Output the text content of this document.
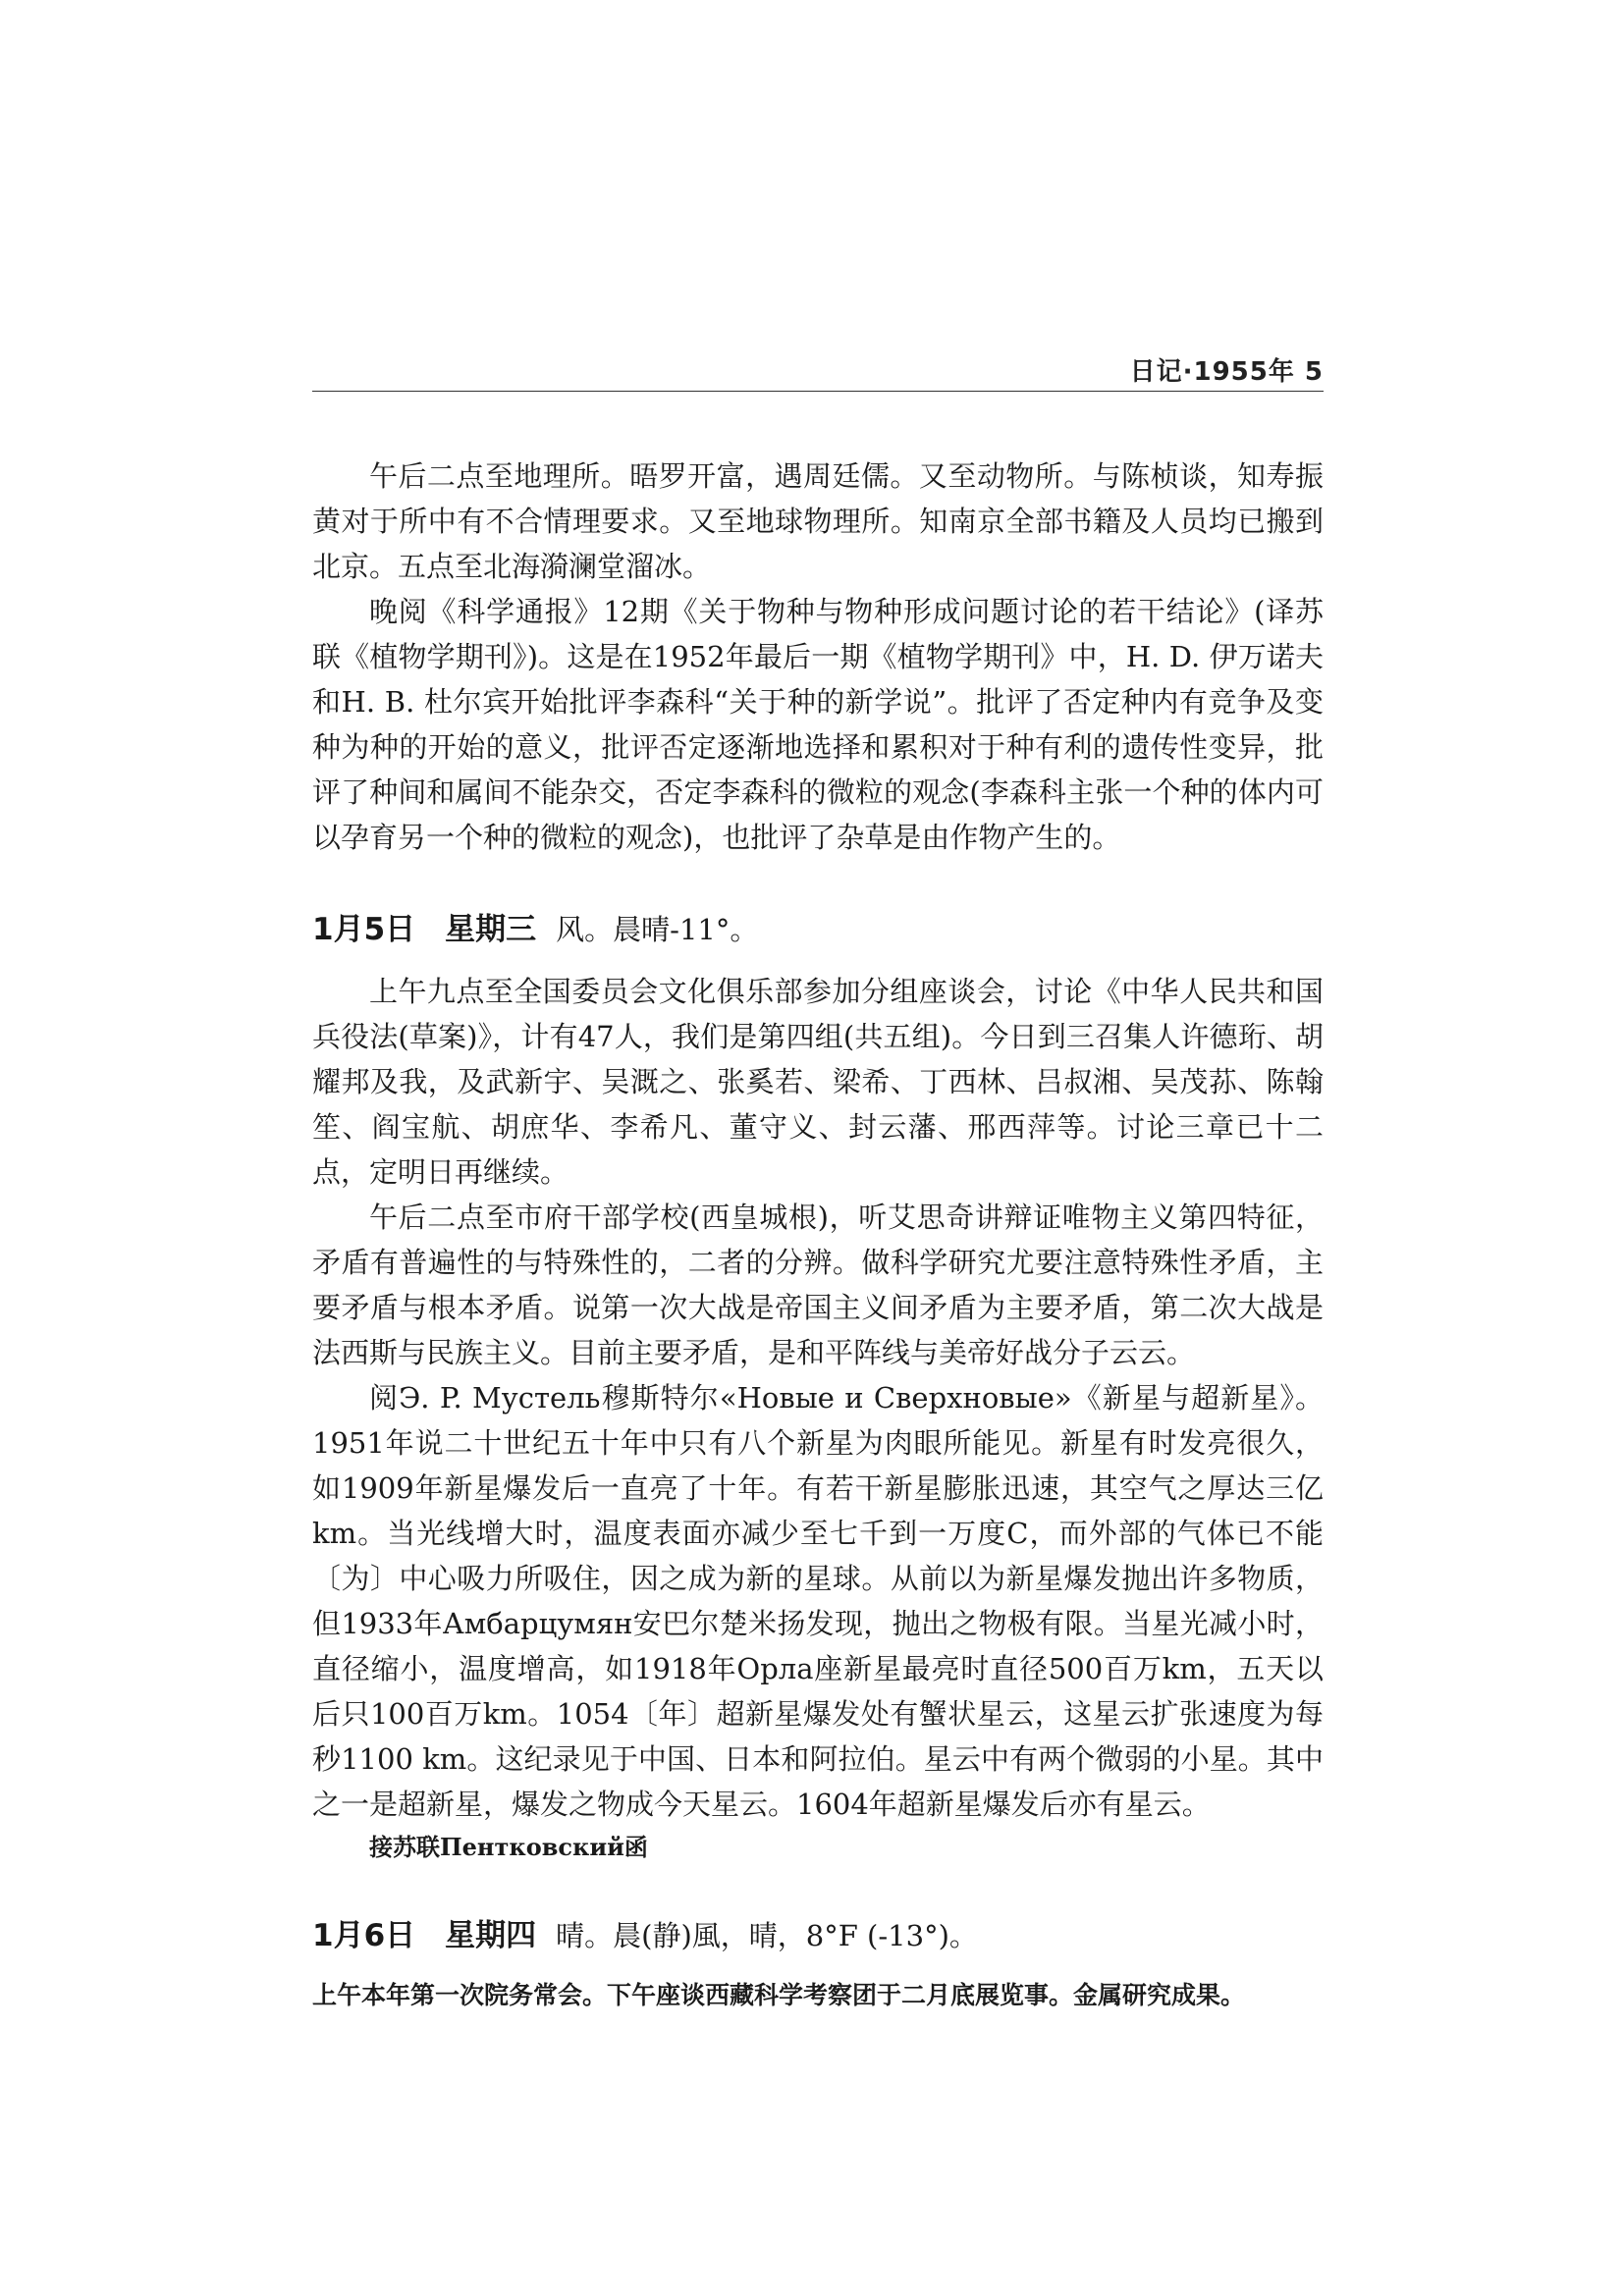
日记·1955年 5

午后二点至地理所。晤罗开富，遇周廷儒。又至动物所。与陈桢谈，知寿振黄对于所中有不合情理要求。又至地球物理所。知南京全部书籍及人员均已搬到北京。五点至北海漪澜堂溜冰。

晚阅《科学通报》12期《关于物种与物种形成问题讨论的若干结论》(译苏联《植物学期刊》)。这是在1952年最后一期《植物学期刊》中，H. D. 伊万诺夫和H. B. 杜尔宾开始批评李森科“关于种的新学说”。批评了否定种内有竞争及变种为种的开始的意义，批评否定逐渐地选择和累积对于种有利的遗传性变异，批评了种间和属间不能杂交，否定李森科的微粒的观念(李森科主张一个种的体内可以孕育另一个种的微粒的观念)，也批评了杂草是由作物产生的。

1月5日 星期三 风。晨晴-11°。

上午九点至全国委员会文化俱乐部参加分组座谈会，讨论《中华人民共和国兵役法(草案)》，计有47人，我们是第四组(共五组)。今日到三召集人许德珩、胡耀邦及我，及武新宇、吴溉之、张奚若、梁希、丁西林、吕叔湘、吴茂荪、陈翰笙、阎宝航、胡庶华、李希凡、董守义、封云藩、邢西萍等。讨论三章已十二点，定明日再继续。

午后二点至市府干部学校(西皇城根)，听艾思奇讲辩证唯物主义第四特征，矛盾有普遍性的与特殊性的，二者的分辨。做科学研究尤要注意特殊性矛盾，主要矛盾与根本矛盾。说第一次大战是帝国主义间矛盾为主要矛盾，第二次大战是法西斯与民族主义。目前主要矛盾，是和平阵线与美帝好战分子云云。

阅Э. P. Мустель穆斯特尔«Новые и Сверхновые»《新星与超新星》。1951年说二十世纪五十年中只有八个新星为肉眼所能见。新星有时发亮很久，如1909年新星爆发后一直亮了十年。有若干新星膨胀迅速，其空气之厚达三亿km。当光线增大时，温度表面亦减少至七千到一万度C，而外部的气体已不能〔为〕中心吸力所吸住，因之成为新的星球。从前以为新星爆发抛出许多物质，但1933年Амбарцумян安巴尔楚米扬发现，抛出之物极有限。当星光减小时，直径缩小，温度增高，如1918年Орла座新星最亮时直径500百万km，五天以后只100百万km。1054〔年〕超新星爆发处有蟹状星云，这星云扩张速度为每秒1100 km。这纪录见于中国、日本和阿拉伯。星云中有两个微弱的小星。其中之一是超新星，爆发之物成今天星云。1604年超新星爆发后亦有星云。

接苏联Пентковский函

1月6日 星期四 晴。晨(静)風，晴，8°F (-13°)。

上午本年第一次院务常会。下午座谈西藏科学考察团于二月底展览事。金属研究成果。
